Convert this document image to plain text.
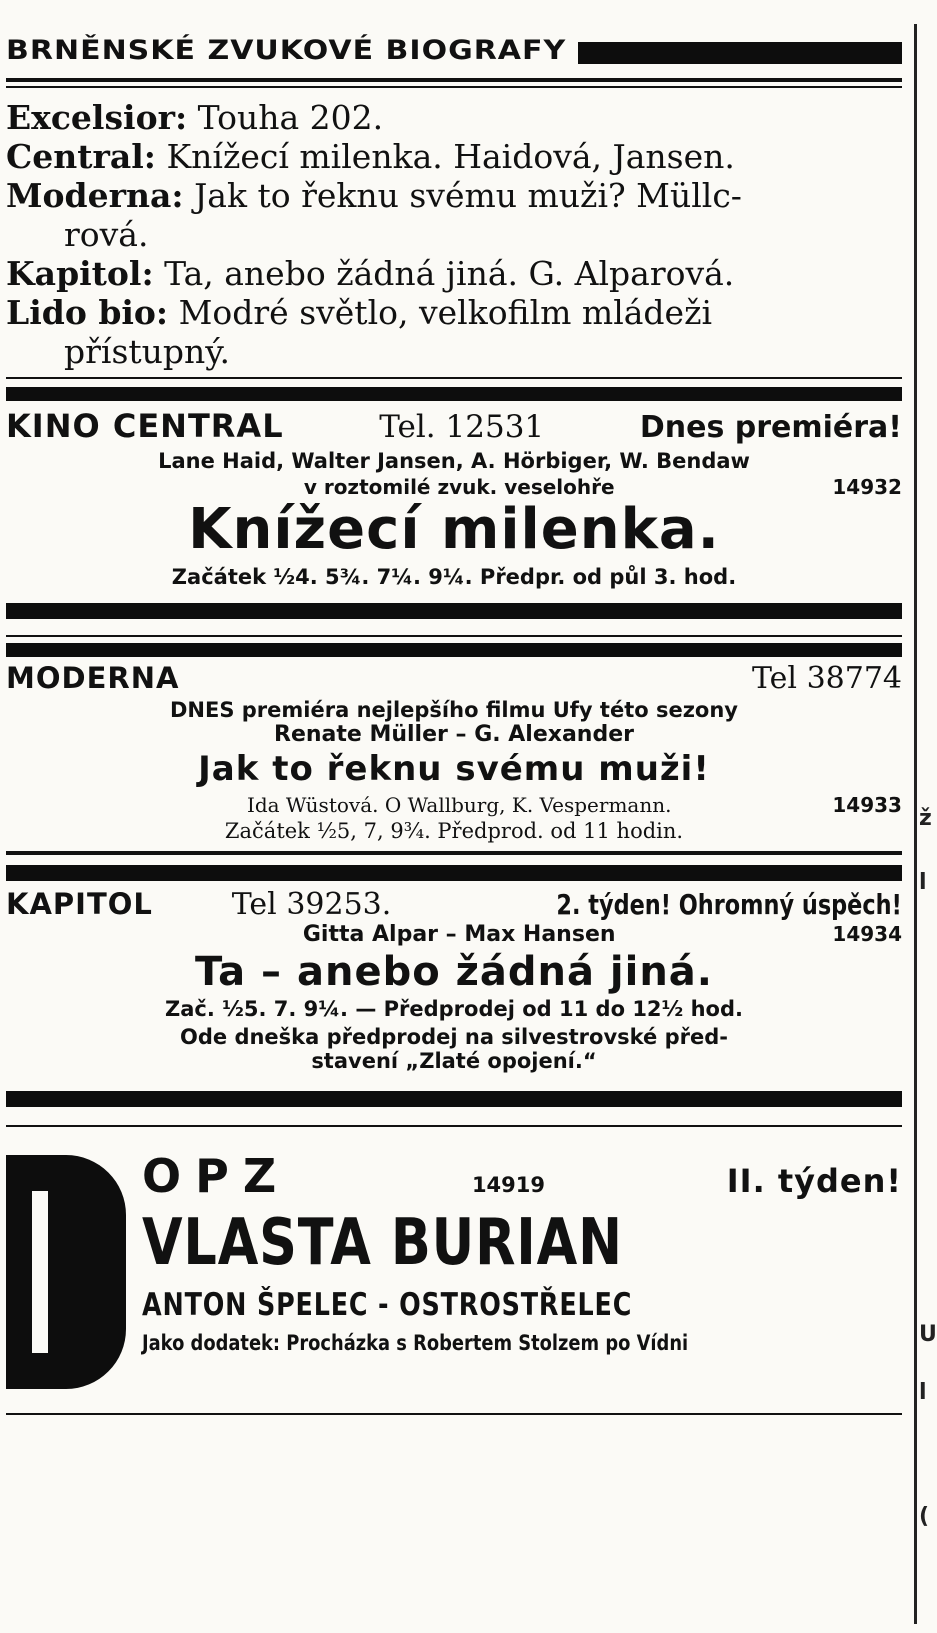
ž
l
U
l
(
BRNĚNSKÉ ZVUKOVÉ BIOGRAFY
Excelsior: Touha 202.
Central: Knížecí milenka. Haidová, Jansen.
Moderna: Jak to řeknu svému muži? Müllc-
rová.
Kapitol: Ta, anebo žádná jiná. G. Alparová.
Lido bio: Modré světlo, velkofilm mládeži
přístupný.
KINO CENTRAL	Tel. 12531	Dnes premiéra!
Lane Haid, Walter Jansen, A. Hörbiger, W. Bendaw
v roztomilé zvuk. veselohře	14932
Knížecí milenka.
Začátek ½4. 5¾. 7¼. 9¼. Předpr. od půl 3. hod.
MODERNA	Tel 38774
DNES premiéra nejlepšího filmu Ufy této sezony
Renate Müller – G. Alexander
Jak to řeknu svému muži!
Ida Wüstová. O Wallburg, K. Vespermann.	14933
Začátek ½5, 7, 9¾. Předprod. od 11 hodin.
KAPITOL	Tel 39253.	2. týden! Ohromný úspěch!
Gitta Alpar – Max Hansen	14934
Ta – anebo žádná jiná.
Zač. ½5. 7. 9¼. — Předprodej od 11 do 12½ hod.
Ode dneška předprodej na silvestrovské před-
stavení „Zlaté opojení.“
OPZ	14919	II. týden!
VLASTA BURIAN
ANTON ŠPELEC - OSTROSTŘELEC
Jako dodatek: Procházka s Robertem Stolzem po Vídni
